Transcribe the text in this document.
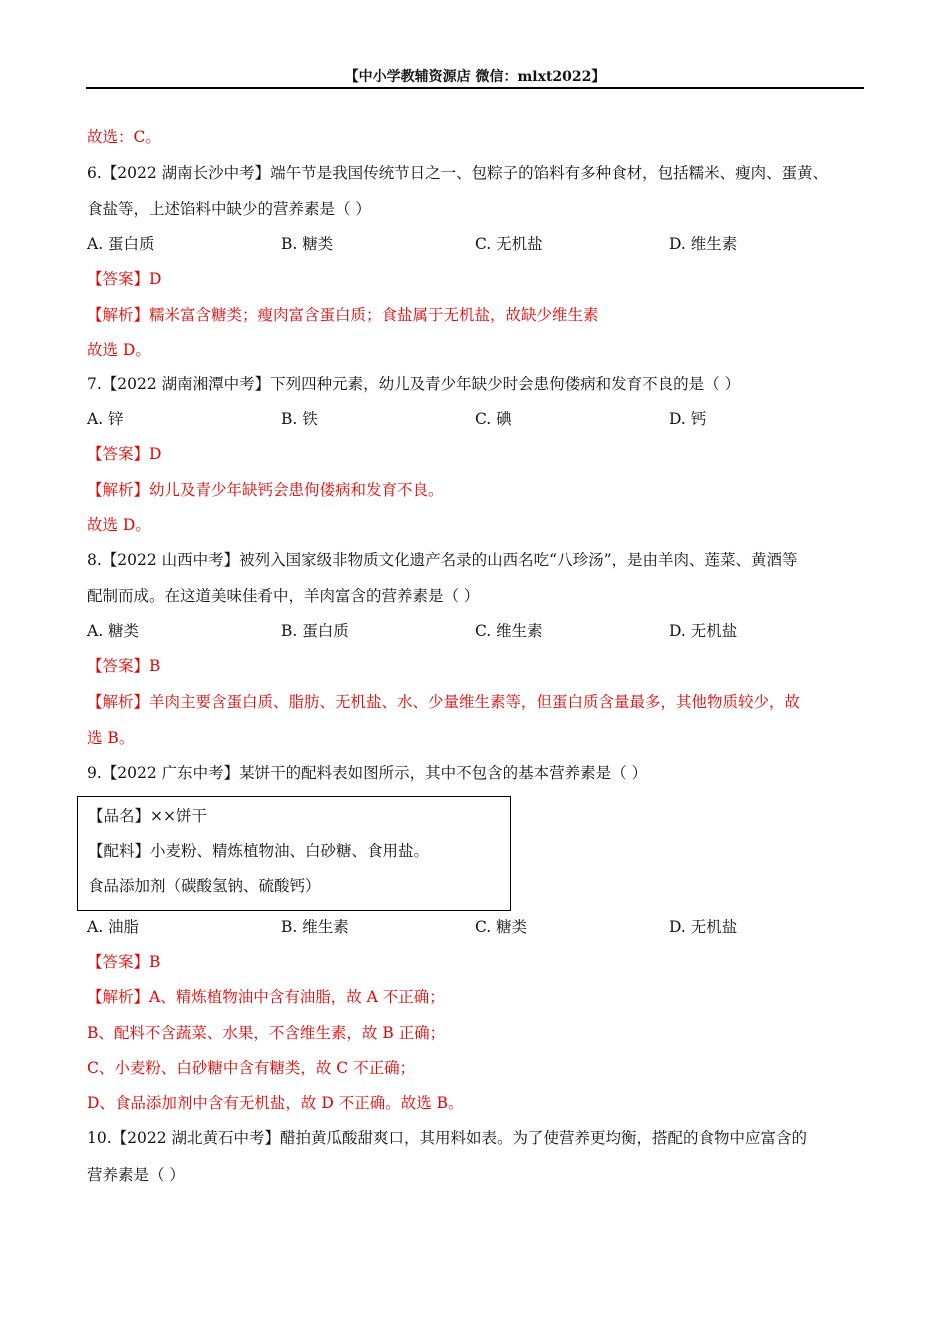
【中小学教辅资源店 微信：mlxt2022】
故选：C。
6.【2022 湖南长沙中考】端午节是我国传统节日之一、包粽子的馅料有多种食材，包括糯米、瘦肉、蛋黄、
食盐等，上述馅料中缺少的营养素是（ ）
A. 蛋白质	B. 糖类	C. 无机盐	D. 维生素
【答案】D
【解析】糯米富含糖类；瘦肉富含蛋白质；食盐属于无机盐，故缺少维生素
故选 D。
7.【2022 湖南湘潭中考】下列四种元素，幼儿及青少年缺少时会患佝偻病和发育不良的是（ ）
A. 锌	B. 铁	C. 碘	D. 钙
【答案】D
【解析】幼儿及青少年缺钙会患佝偻病和发育不良。
故选 D。
8.【2022 山西中考】被列入国家级非物质文化遗产名录的山西名吃“八珍汤”，是由羊肉、莲菜、黄酒等
配制而成。在这道美味佳肴中，羊肉富含的营养素是（ ）
A. 糖类	B. 蛋白质	C. 维生素	D. 无机盐
【答案】B
【解析】羊肉主要含蛋白质、脂肪、无机盐、水、少量维生素等，但蛋白质含量最多，其他物质较少，故
选 B。
9.【2022 广东中考】某饼干的配料表如图所示，其中不包含的基本营养素是（ ）
【品名】××饼干
【配料】小麦粉、精炼植物油、白砂糖、食用盐。
食品添加剂（碳酸氢钠、硫酸钙）
A. 油脂	B. 维生素	C. 糖类	D. 无机盐
【答案】B
【解析】A、精炼植物油中含有油脂，故 A 不正确；
B、配料不含蔬菜、水果，不含维生素，故 B 正确；
C、小麦粉、白砂糖中含有糖类，故 C 不正确；
D、食品添加剂中含有无机盐，故 D 不正确。故选 B。
10.【2022 湖北黄石中考】醋拍黄瓜酸甜爽口，其用料如表。为了使营养更均衡，搭配的食物中应富含的
营养素是（ ）
